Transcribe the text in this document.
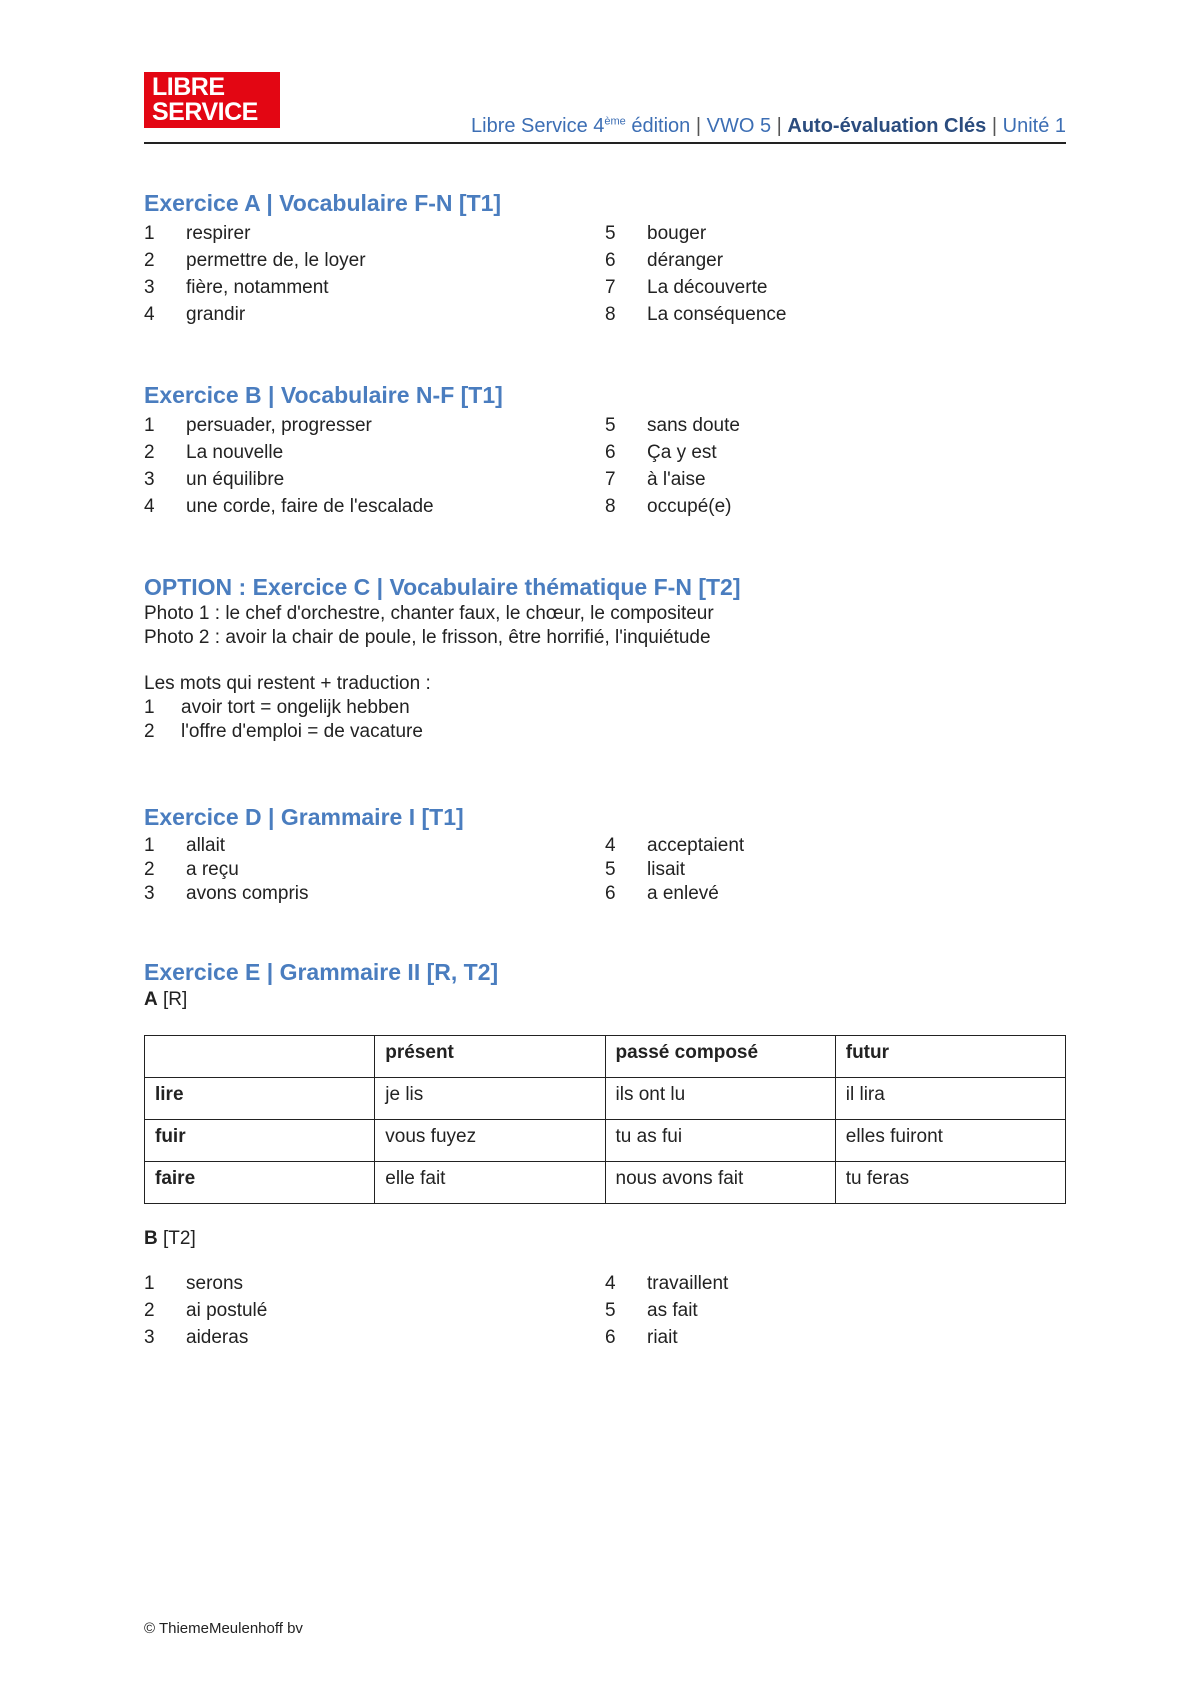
LIBRE
SERVICE	Libre Service 4ème édition | VWO 5 | Auto-évaluation Clés | Unité 1
Exercice A | Vocabulaire F-N [T1]
1	respirer
2	permettre de, le loyer
3	fière, notamment
4	grandir
5	bouger
6	déranger
7	La découverte
8	La conséquence
Exercice B | Vocabulaire N-F [T1]
1	persuader, progresser
2	La nouvelle
3	un équilibre
4	une corde, faire de l'escalade
5	sans doute
6	Ça y est
7	à l'aise
8	occupé(e)
OPTION : Exercice C | Vocabulaire thématique F-N [T2]
Photo 1 : le chef d'orchestre, chanter faux, le chœur, le compositeur
Photo 2 : avoir la chair de poule, le frisson, être horrifié, l'inquiétude
Les mots qui restent + traduction :
1	avoir tort = ongelijk hebben
2	l'offre d'emploi = de vacature
Exercice D | Grammaire I [T1]
1	allait
2	a reçu
3	avons compris
4	acceptaient
5	lisait
6	a enlevé
Exercice E | Grammaire II [R, T2]
A [R]
	présent	passé composé	futur
lire	je lis	ils ont lu	il lira
fuir	vous fuyez	tu as fui	elles fuiront
faire	elle fait	nous avons fait	tu feras
B [T2]
1	serons
2	ai postulé
3	aideras
4	travaillent
5	as fait
6	riait
© ThiemeMeulenhoff bv
